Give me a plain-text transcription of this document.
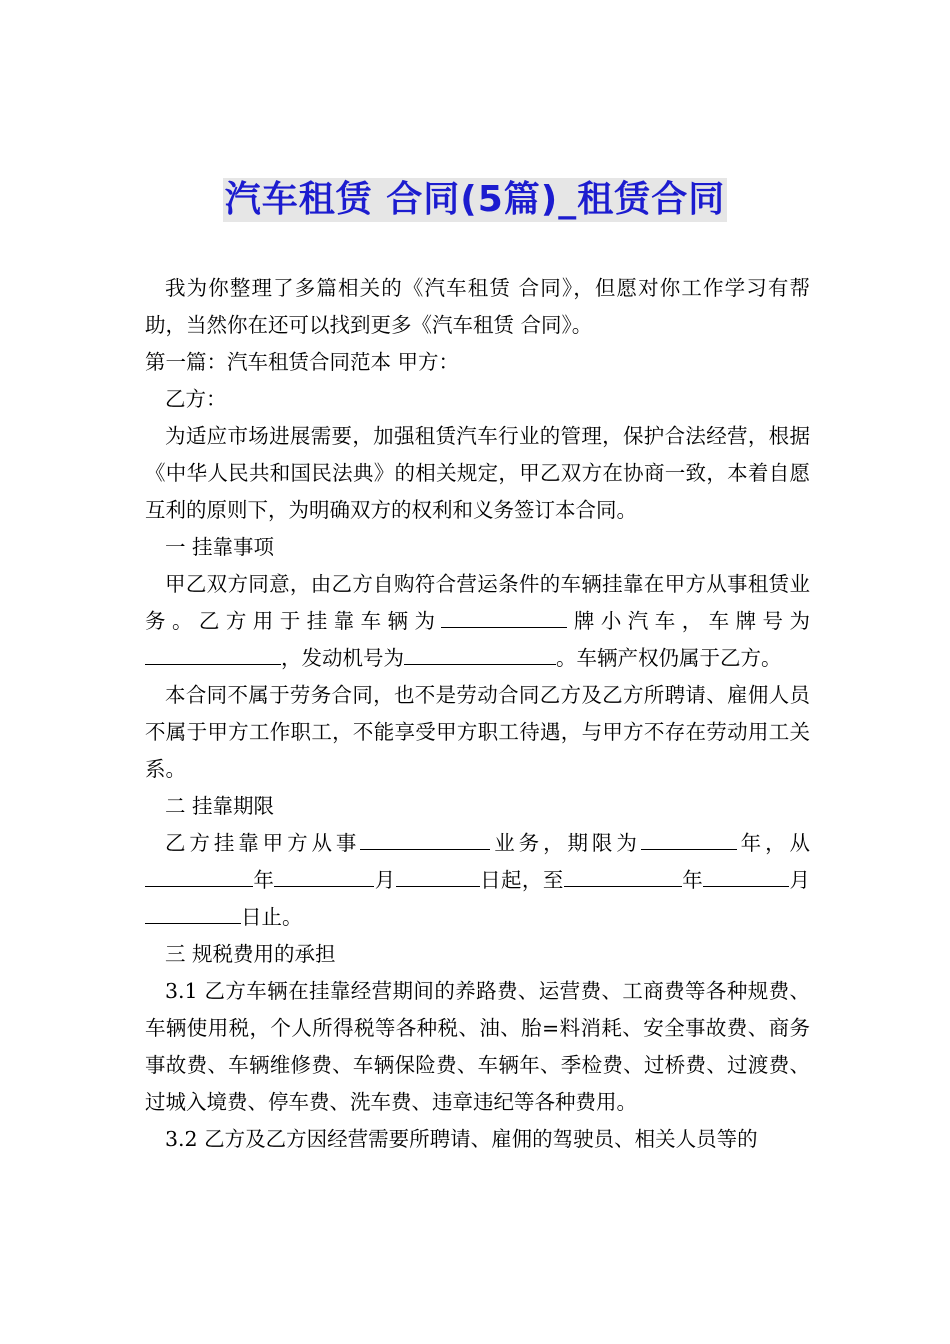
汽车租赁 合同(5篇)_租赁合同

我为你整理了多篇相关的《汽车租赁 合同》，但愿对你工作学习有帮助，当然你在还可以找到更多《汽车租赁 合同》。

第一篇：汽车租赁合同范本 甲方：

乙方：

为适应市场进展需要，加强租赁汽车行业的管理，保护合法经营，根据《中华人民共和国民法典》的相关规定，甲乙双方在协商一致，本着自愿互利的原则下，为明确双方的权利和义务签订本合同。

一 挂靠事项

甲乙双方同意，由乙方自购符合营运条件的车辆挂靠在甲方从事租赁业务。乙方用于挂靠车辆为	牌小汽车，车牌号为，发动机号为	。车辆产权仍属于乙方。

本合同不属于劳务合同，也不是劳动合同乙方及乙方所聘请、雇佣人员不属于甲方工作职工，不能享受甲方职工待遇，与甲方不存在劳动用工关系。

二 挂靠期限

乙方挂靠甲方从事	业务，期限为	年，从年	月	日起，至	年	月日止。

三 规税费用的承担

3.1 乙方车辆在挂靠经营期间的养路费、运营费、工商费等各种规费、车辆使用税，个人所得税等各种税、油、胎=料消耗、安全事故费、商务事故费、车辆维修费、车辆保险费、车辆年、季检费、过桥费、过渡费、过城入境费、停车费、洗车费、违章违纪等各种费用。

3.2 乙方及乙方因经营需要所聘请、雇佣的驾驶员、相关人员等的
